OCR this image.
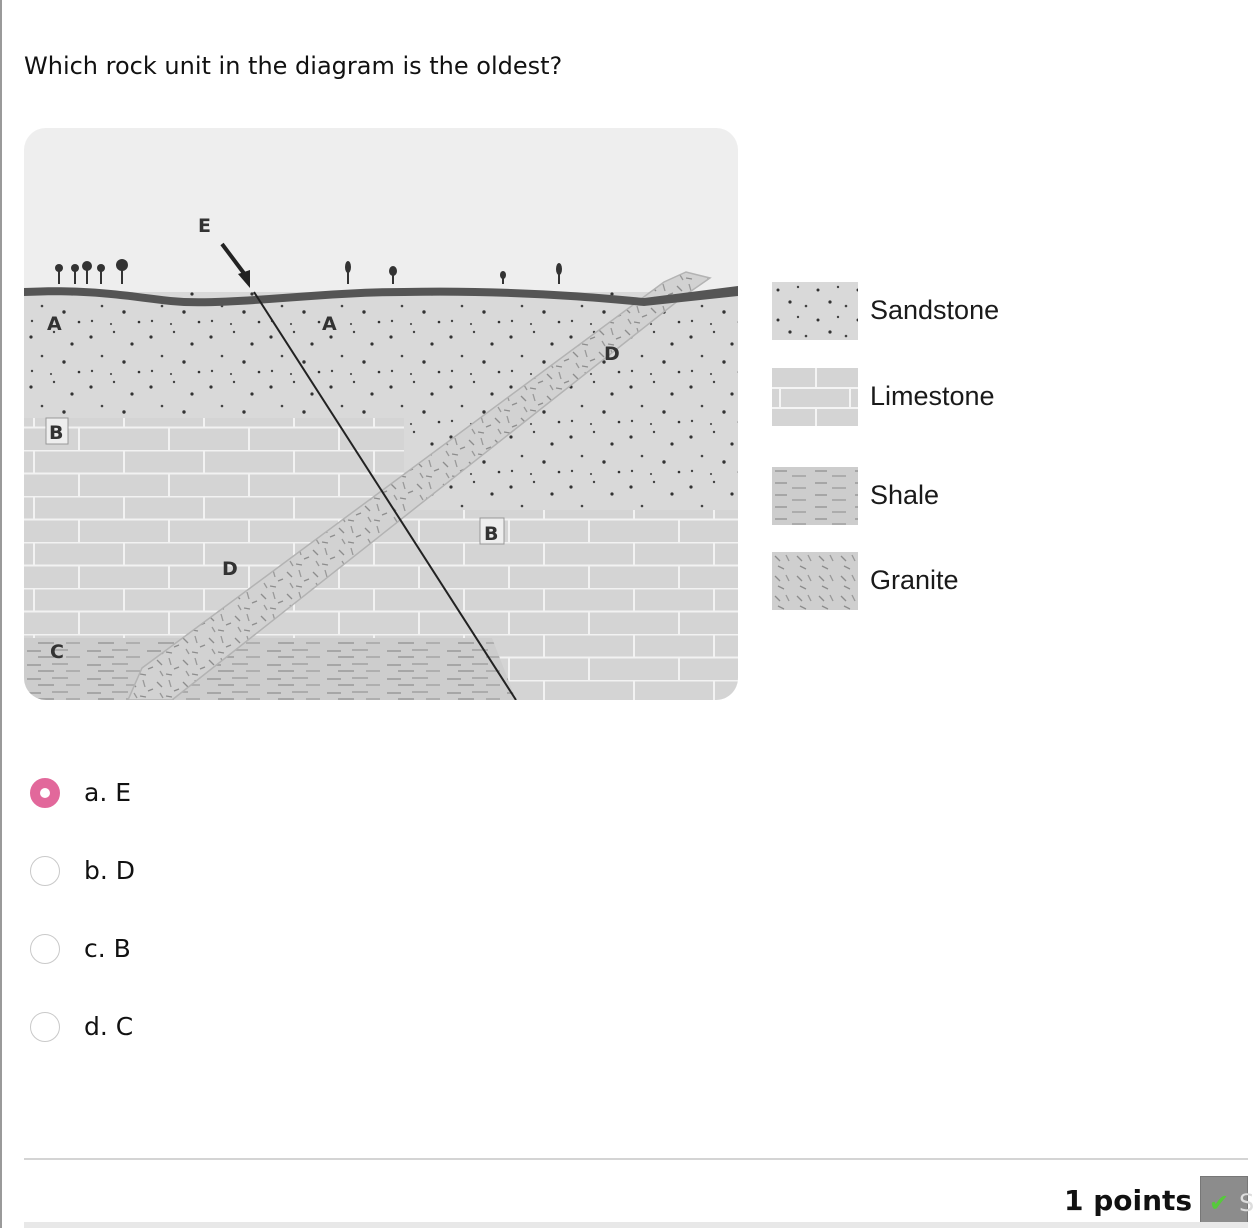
Which rock unit in the diagram is the oldest?
A	A
B
B
C
D
D
E
Sandstone
Limestone
Shale
Granite
a. E
b. D
c. B
d. C
1 points ✔ S
